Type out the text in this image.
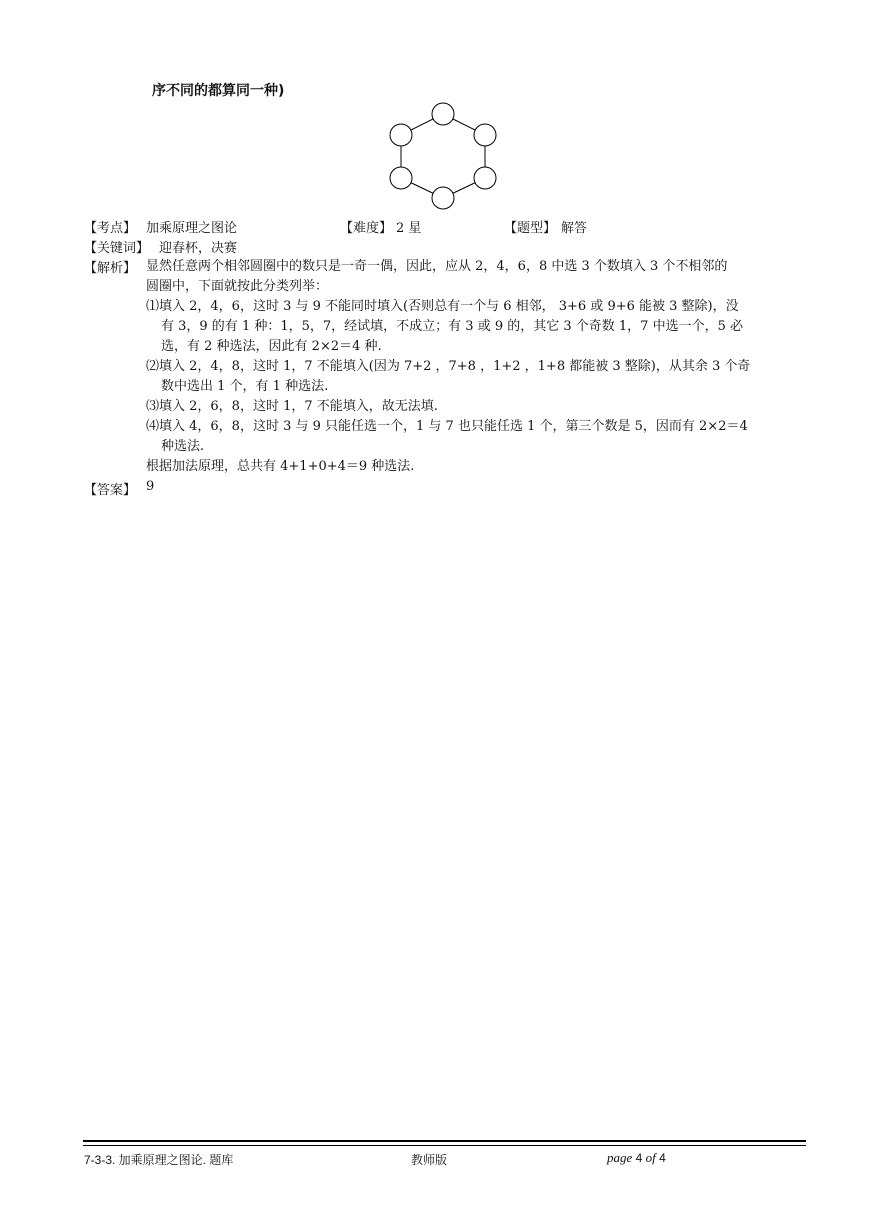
序不同的都算同一种)
【考点】 加乘原理之图论	【难度】 2 星	【题型】 解答
【关键词】 迎春杯，决赛
【解析】 显然任意两个相邻圆圈中的数只是一奇一偶，因此，应从 2，4，6，8 中选 3 个数填入 3 个不相邻的
圆圈中，下面就按此分类列举：
⑴填入 2，4，6，这时 3 与 9 不能同时填入(否则总有一个与 6 相邻， 3+6 或 9+6 能被 3 整除)，没
有 3，9 的有 1 种：1，5，7，经试填，不成立；有 3 或 9 的，其它 3 个奇数 1，7 中选一个，5 必
选，有 2 种选法，因此有 2×2＝4 种.
⑵填入 2，4，8，这时 1，7 不能填入(因为 7+2 ，7+8 ，1+2 ，1+8 都能被 3 整除)，从其余 3 个奇
数中选出 1 个，有 1 种选法.
⑶填入 2，6，8，这时 1，7 不能填入，故无法填.
⑷填入 4，6，8，这时 3 与 9 只能任选一个，1 与 7 也只能任选 1 个，第三个数是 5，因而有 2×2＝4
种选法.
根据加法原理，总共有 4+1+0+4＝9 种选法.
【答案】 9
7-3-3. 加乘原理之图论. 题库	教师版	page 4 of 4
